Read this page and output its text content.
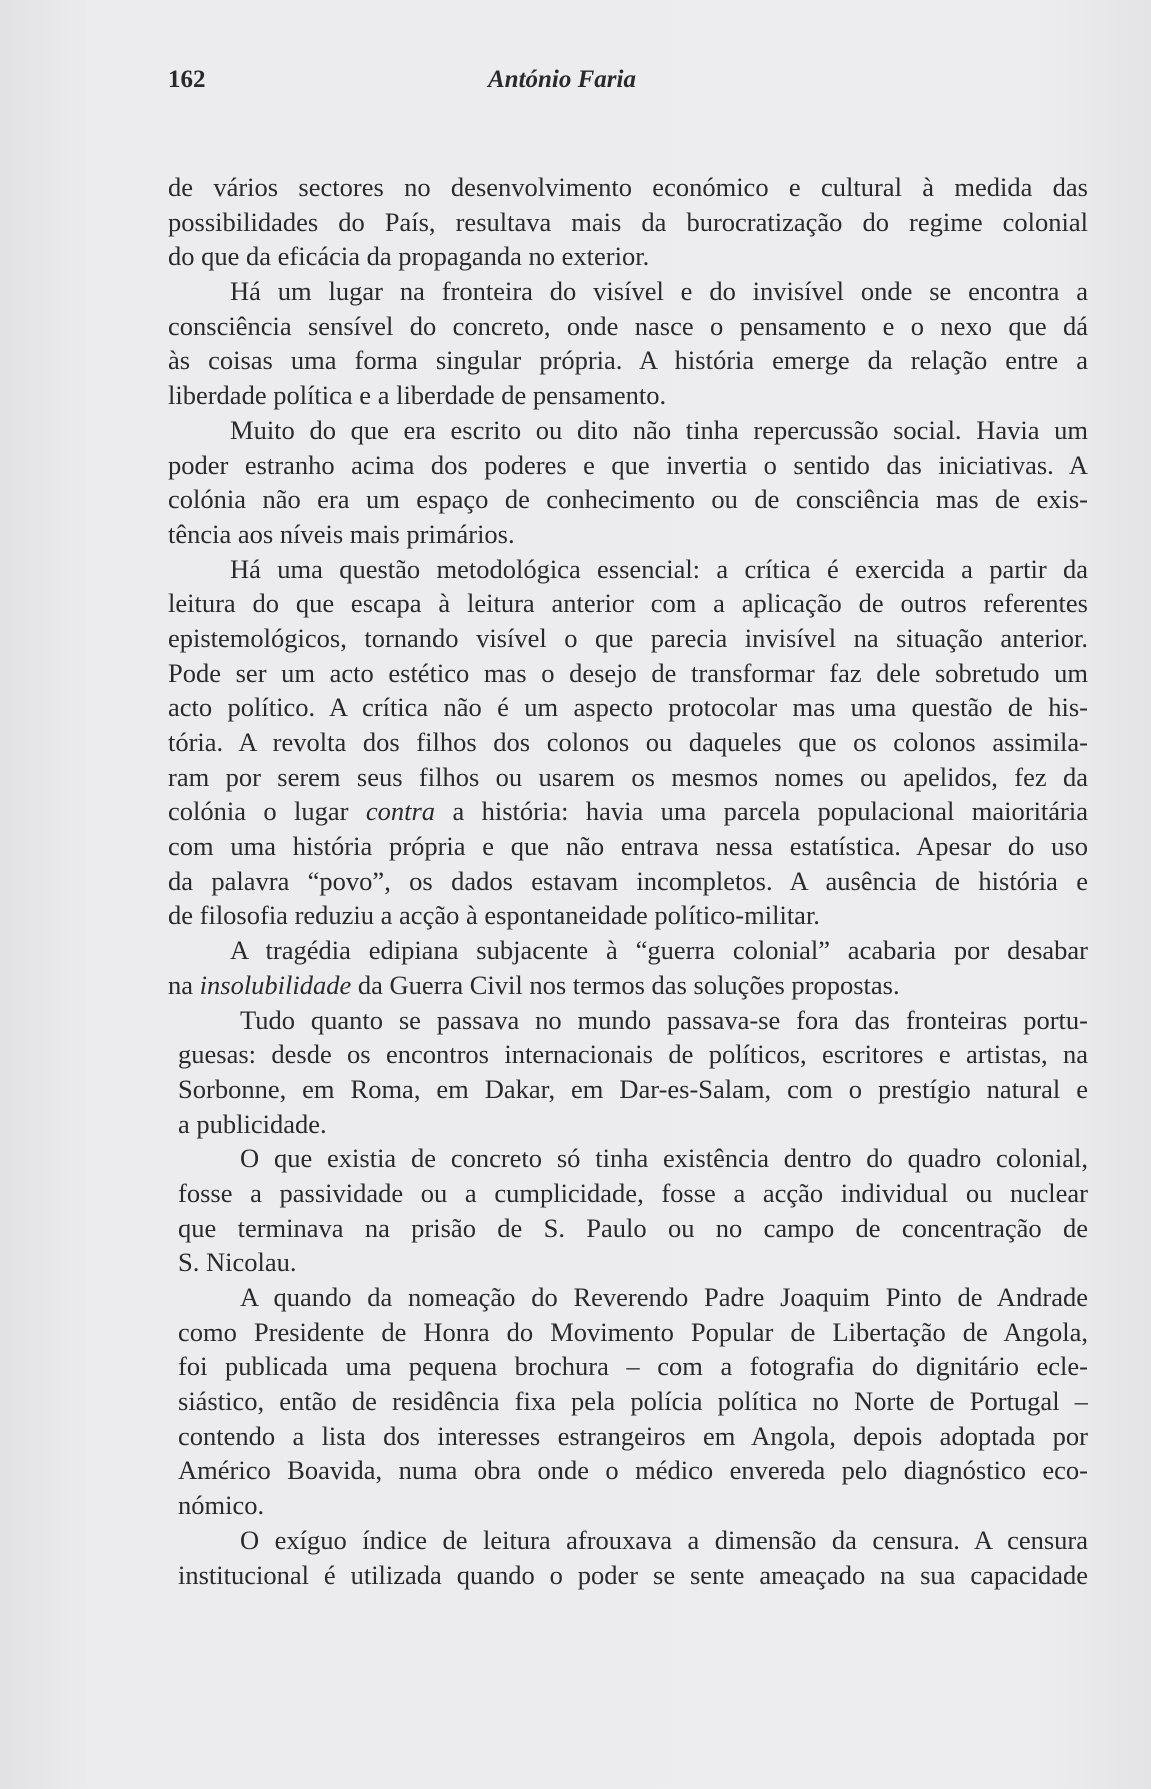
162	António Faria
de vários sectores no desenvolvimento económico e cultural à medida das
possibilidades do País, resultava mais da burocratização do regime colonial
do que da eficácia da propaganda no exterior.
Há um lugar na fronteira do visível e do invisível onde se encontra a
consciência sensível do concreto, onde nasce o pensamento e o nexo que dá
às coisas uma forma singular própria. A história emerge da relação entre a
liberdade política e a liberdade de pensamento.
Muito do que era escrito ou dito não tinha repercussão social. Havia um
poder estranho acima dos poderes e que invertia o sentido das iniciativas. A
colónia não era um espaço de conhecimento ou de consciência mas de exis-
tência aos níveis mais primários.
Há uma questão metodológica essencial: a crítica é exercida a partir da
leitura do que escapa à leitura anterior com a aplicação de outros referentes
epistemológicos, tornando visível o que parecia invisível na situação anterior.
Pode ser um acto estético mas o desejo de transformar faz dele sobretudo um
acto político. A crítica não é um aspecto protocolar mas uma questão de his-
tória. A revolta dos filhos dos colonos ou daqueles que os colonos assimila-
ram por serem seus filhos ou usarem os mesmos nomes ou apelidos, fez da
colónia o lugar contra a história: havia uma parcela populacional maioritária
com uma história própria e que não entrava nessa estatística. Apesar do uso
da palavra “povo”, os dados estavam incompletos. A ausência de história e
de filosofia reduziu a acção à espontaneidade político-militar.
A tragédia edipiana subjacente à “guerra colonial” acabaria por desabar
na insolubilidade da Guerra Civil nos termos das soluções propostas.
Tudo quanto se passava no mundo passava-se fora das fronteiras portu-
guesas: desde os encontros internacionais de políticos, escritores e artistas, na
Sorbonne, em Roma, em Dakar, em Dar-es-Salam, com o prestígio natural e
a publicidade.
O que existia de concreto só tinha existência dentro do quadro colonial,
fosse a passividade ou a cumplicidade, fosse a acção individual ou nuclear
que terminava na prisão de S. Paulo ou no campo de concentração de
S. Nicolau.
A quando da nomeação do Reverendo Padre Joaquim Pinto de Andrade
como Presidente de Honra do Movimento Popular de Libertação de Angola,
foi publicada uma pequena brochura – com a fotografia do dignitário ecle-
siástico, então de residência fixa pela polícia política no Norte de Portugal –
contendo a lista dos interesses estrangeiros em Angola, depois adoptada por
Américo Boavida, numa obra onde o médico envereda pelo diagnóstico eco-
nómico.
O exíguo índice de leitura afrouxava a dimensão da censura. A censura
institucional é utilizada quando o poder se sente ameaçado na sua capacidade
